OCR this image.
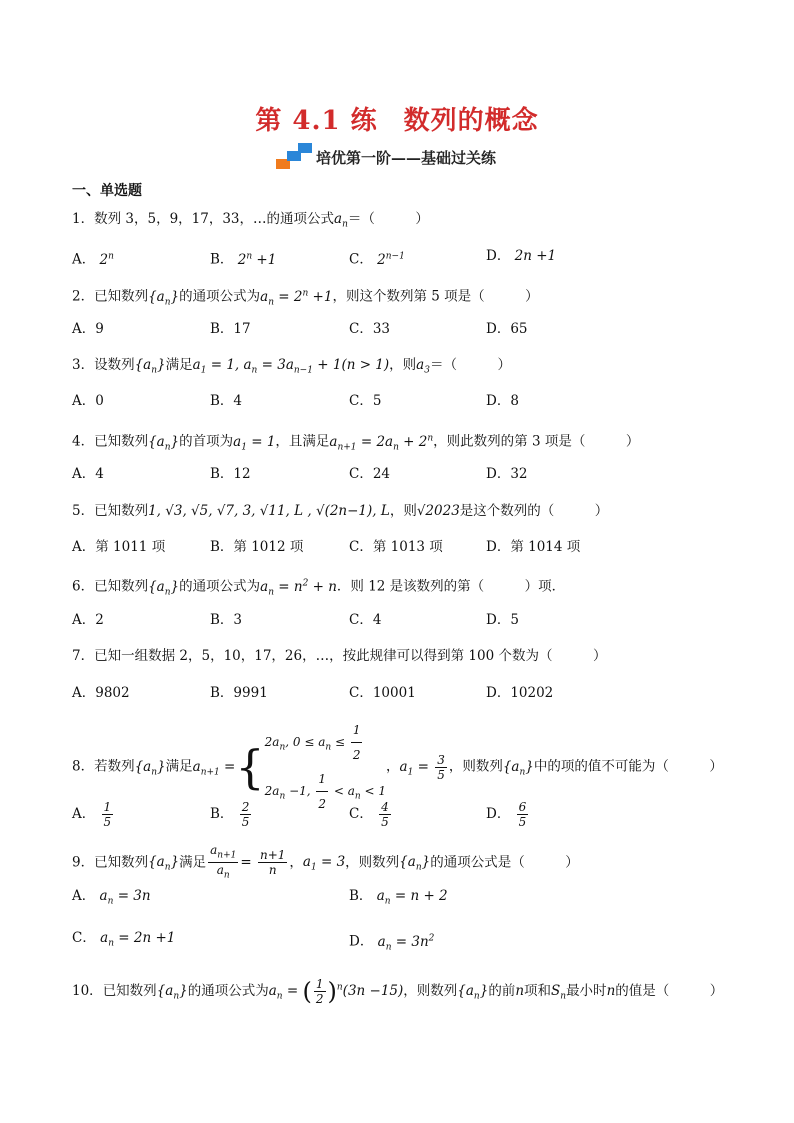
第 4.1 练 数列的概念
培优第一阶——基础过关练
一、单选题
1．数列 3，5，9，17，33，…的通项公式$a_n=$（　　　）
A． 2$^n$	B． $2^n +1$	C． $2^{n-1}$	D． 2n +1
2．已知数列$\{a_n\}$的通项公式为$a_n = 2^n +1$，则这个数列第 5 项是（　　　）
A．9	B．17	C．33	D．65
3．设数列$\{a_n\}$满足$a_1 = 1$, $a_n = 3a_{n-1} + 1(n > 1)$，则$a_3=$（　　　）
A．0	B．4	C．5	D．8
4．已知数列$\{a_n\}$的首项为$a_1 = 1$，且满足$a_{n+1} = 2a_n + 2^n$，则此数列的第 3 项是（　　　）
A．4	B．12	C．24	D．32
5．已知数列1, √3, √5, √7, 3, √11, L , √(2n−1), L，则√2023是这个数列的（　　　）
A．第 1011 项	B．第 1012 项	C．第 1013 项	D．第 1014 项
6．已知数列$\{a_n\}$的通项公式为$a_n = n^2 + n$．则 12 是该数列的第（　　　）项．
A．2	B．3	C．4	D．5
7．已知一组数据 2，5，10，17，26，…，按此规律可以得到第 100 个数为（　　　）
A．9802	B．9991	C．10001	D．10202
8．若数列$\{a_n\}$满足$a_{n+1}$ ={ $2a_n$, $0 \le a_n \le \frac{1}{2}$
$2a_n -1$, $\frac{1}{2} < a_n < 1$
，$a_1 = \frac{3}{5}$ ，则数列$\{a_n\}$中的项的值不可能为（　　　）
A． $\frac{1}{5}$	B． $\frac{2}{5}$	C． $\frac{4}{5}$	D． $\frac{6}{5}$
9．已知数列$\{a_n\}$满足 $\frac{a_{n+1}}{a_n} = \frac{n+1}{n}$ ，$a_1 = 3$，则数列$\{a_n\}$的通项公式是（　　　）
A． $a_n = 3n$	B． $a_n = n + 2$
C． $a_n = 2n +1$	D． $a_n = 3n^2$
10．已知数列$\{a_n\}$的通项公式为$a_n$ = ( $\frac{1}{2} )^n(3n -15)$，则数列$\{a_n\}$的前n项和$S_n$最小时n的值是（　　　）
